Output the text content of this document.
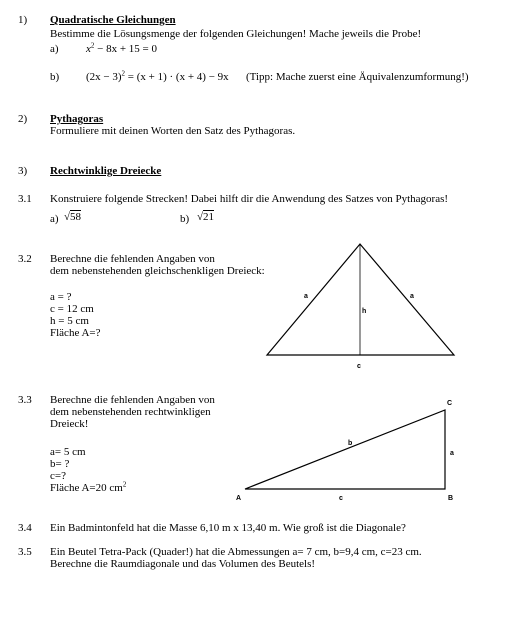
1) Quadratische Gleichungen
Bestimme die Lösungsmenge der folgenden Gleichungen! Mache jeweils die Probe!
a) $x^2 - 8x + 15 = 0$
b) $(2x - 3)^2 = (x + 1) \cdot (x + 4) - 9x$ (Tipp: Mache zuerst eine Äquivalenzumformung!)
2) Pythagoras
Formuliere mit deinen Worten den Satz des Pythagoras.
3) Rechtwinklige Dreiecke
3.1 Konstruiere folgende Strecken! Dabei hilft dir die Anwendung des Satzes von Pythagoras!
a) √58	b) √21
3.2 Berechne die fehlenden Angaben von
dem nebenstehenden gleichschenkligen Dreieck:
a = ?
c = 12 cm
h = 5 cm
Fläche A=?
a	a
h
c
3.3 Berechne die fehlenden Angaben von
dem nebenstehenden rechtwinkligen
Dreieck!
a= 5 cm
b= ?
c=?
Fläche A=20 $cm^2$
A	B
C
a
b
c
3.4 Ein Badmintonfeld hat die Masse 6,10 m x 13,40 m. Wie groß ist die Diagonale?
3.5 Ein Beutel Tetra-Pack (Quader!) hat die Abmessungen a= 7 cm, b=9,4 cm, c=23 cm.
Berechne die Raumdiagonale und das Volumen des Beutels!
